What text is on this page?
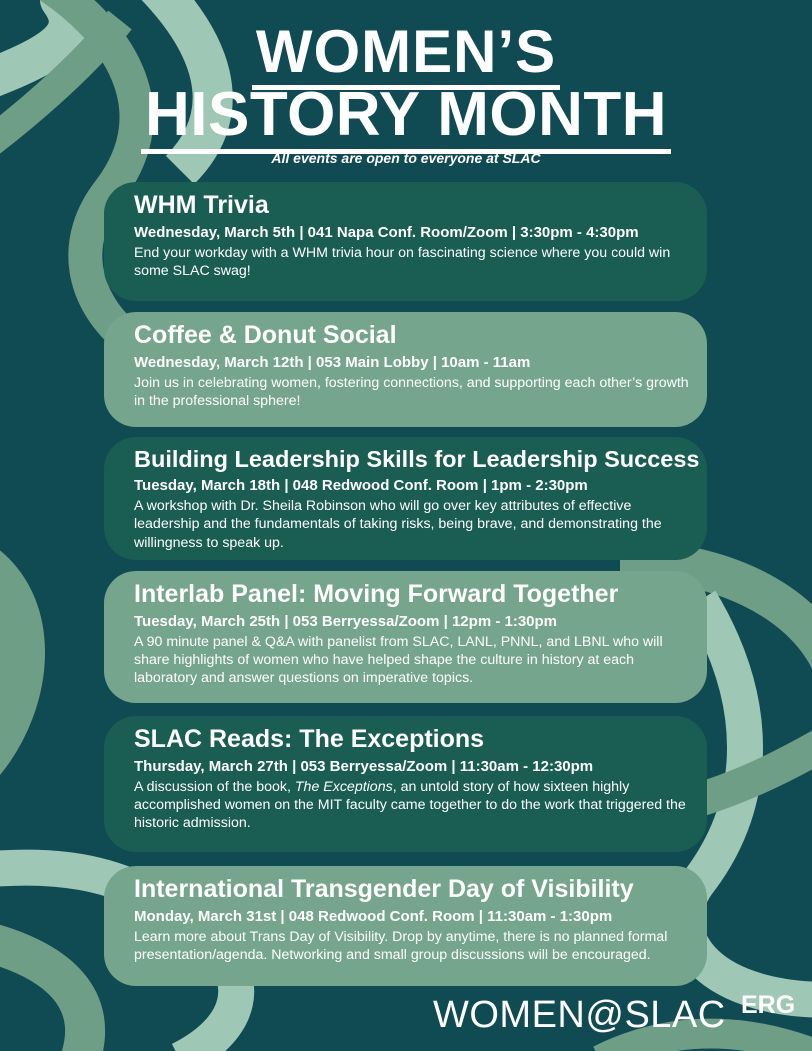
WOMEN’S
HISTORY MONTH
All events are open to everyone at SLAC
WHM Trivia
Wednesday, March 5th | 041 Napa Conf. Room/Zoom | 3:30pm - 4:30pm
End your workday with a WHM trivia hour on fascinating science where you could win some SLAC swag!
Coffee & Donut Social
Wednesday, March 12th | 053 Main Lobby | 10am - 11am
Join us in celebrating women, fostering connections, and supporting each other’s growth in the professional sphere!
Building Leadership Skills for Leadership Success
Tuesday, March 18th | 048 Redwood Conf. Room | 1pm - 2:30pm
A workshop with Dr. Sheila Robinson who will go over key attributes of effective leadership and the fundamentals of taking risks, being brave, and demonstrating the willingness to speak up.
Interlab Panel: Moving Forward Together
Tuesday, March 25th | 053 Berryessa/Zoom | 12pm - 1:30pm
A 90 minute panel & Q&A with panelist from SLAC, LANL, PNNL, and LBNL who will share highlights of women who have helped shape the culture in history at each laboratory and answer questions on imperative topics.
SLAC Reads: The Exceptions
Thursday, March 27th | 053 Berryessa/Zoom | 11:30am - 12:30pm
A discussion of the book, The Exceptions, an untold story of how sixteen highly accomplished women on the MIT faculty came together to do the work that triggered the historic admission.
International Transgender Day of Visibility
Monday, March 31st | 048 Redwood Conf. Room | 11:30am - 1:30pm
Learn more about Trans Day of Visibility. Drop by anytime, there is no planned formal presentation/agenda. Networking and small group discussions will be encouraged.
WOMEN@SLAC ERG
